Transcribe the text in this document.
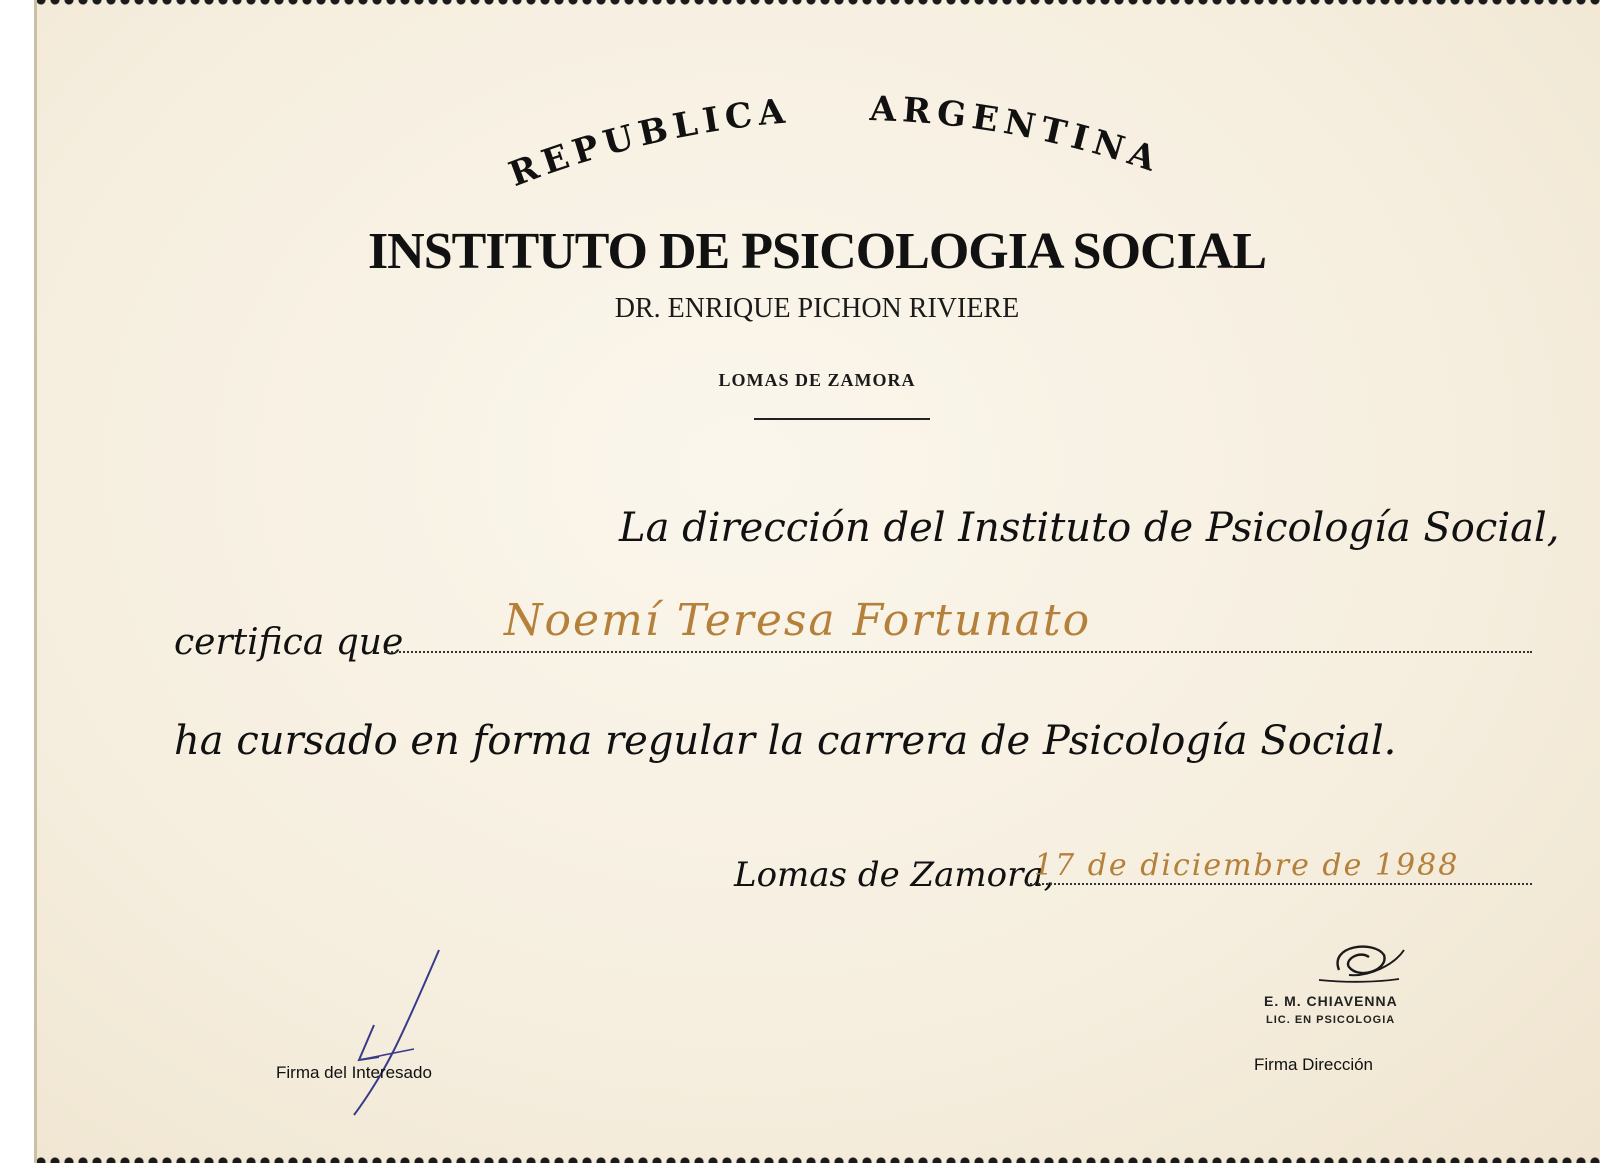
REPUBLICA ARGENTINA
INSTITUTO DE PSICOLOGIA SOCIAL
DR. ENRIQUE PICHON RIVIERE
LOMAS DE ZAMORA
La dirección del Instituto de Psicología Social,
certifica que Noemí Teresa Fortunato
ha cursado en forma regular la carrera de Psicología Social.
Lomas de Zamora,
17 de diciembre de 1988
E. M. CHIAVENNA
LIC. EN PSICOLOGIA
Firma del Interesado	Firma Dirección
